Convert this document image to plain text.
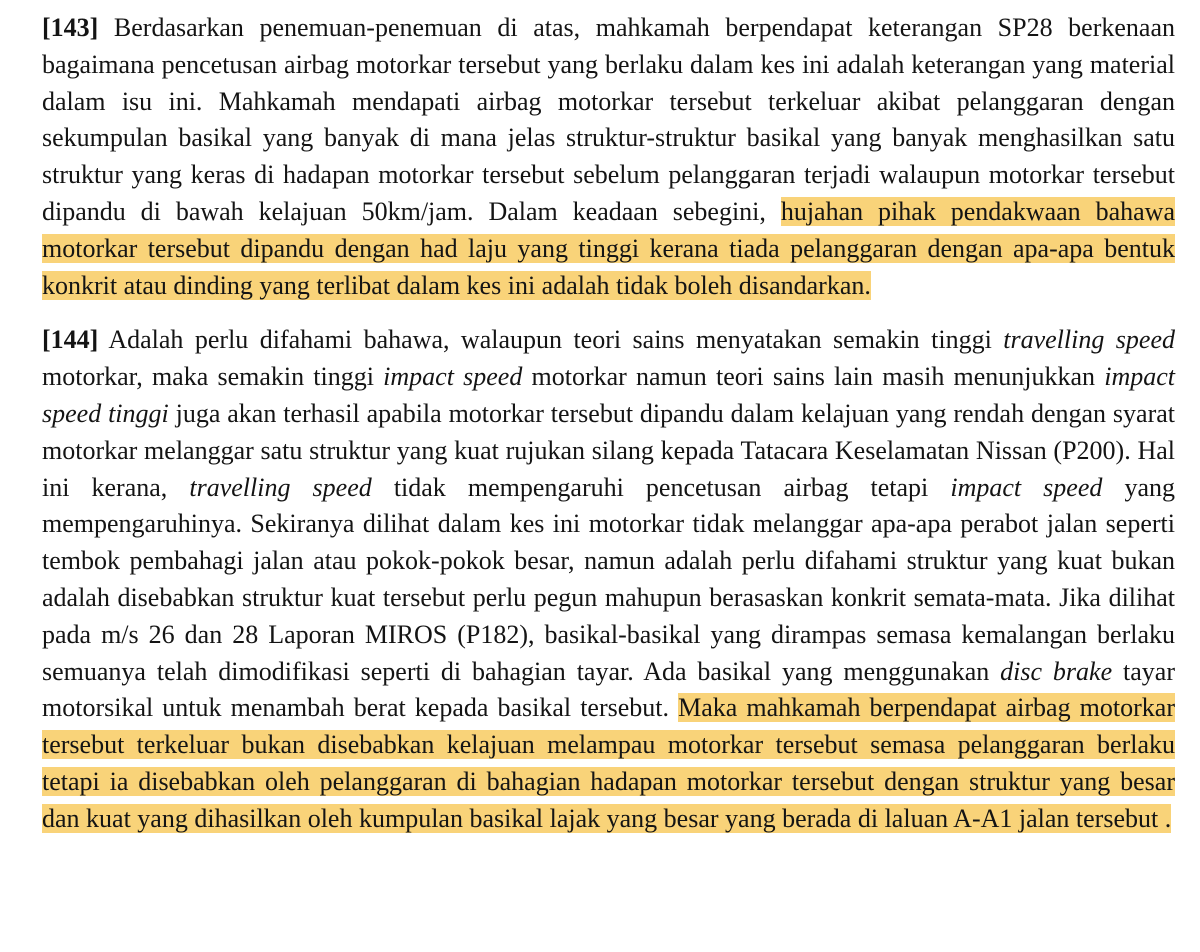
[143] Berdasarkan penemuan-penemuan di atas, mahkamah berpendapat keterangan SP28 berkenaan bagaimana pencetusan airbag motorkar tersebut yang berlaku dalam kes ini adalah keterangan yang material dalam isu ini. Mahkamah mendapati airbag motorkar tersebut terkeluar akibat pelanggaran dengan sekumpulan basikal yang banyak di mana jelas struktur-struktur basikal yang banyak menghasilkan satu struktur yang keras di hadapan motorkar tersebut sebelum pelanggaran terjadi walaupun motorkar tersebut dipandu di bawah kelajuan 50km/jam. Dalam keadaan sebegini, hujahan pihak pendakwaan bahawa motorkar tersebut dipandu dengan had laju yang tinggi kerana tiada pelanggaran dengan apa-apa bentuk konkrit atau dinding yang terlibat dalam kes ini adalah tidak boleh disandarkan.

[144] Adalah perlu difahami bahawa, walaupun teori sains menyatakan semakin tinggi travelling speed motorkar, maka semakin tinggi impact speed motorkar namun teori sains lain masih menunjukkan impact speed tinggi juga akan terhasil apabila motorkar tersebut dipandu dalam kelajuan yang rendah dengan syarat motorkar melanggar satu struktur yang kuat rujukan silang kepada Tatacara Keselamatan Nissan (P200). Hal ini kerana, travelling speed tidak mempengaruhi pencetusan airbag tetapi impact speed yang mempengaruhinya. Sekiranya dilihat dalam kes ini motorkar tidak melanggar apa-apa perabot jalan seperti tembok pembahagi jalan atau pokok-pokok besar, namun adalah perlu difahami struktur yang kuat bukan adalah disebabkan struktur kuat tersebut perlu pegun mahupun berasaskan konkrit semata-mata. Jika dilihat pada m/s 26 dan 28 Laporan MIROS (P182), basikal-basikal yang dirampas semasa kemalangan berlaku semuanya telah dimodifikasi seperti di bahagian tayar. Ada basikal yang menggunakan disc brake tayar motorsikal untuk menambah berat kepada basikal tersebut. Maka mahkamah berpendapat airbag motorkar tersebut terkeluar bukan disebabkan kelajuan melampau motorkar tersebut semasa pelanggaran berlaku tetapi ia disebabkan oleh pelanggaran di bahagian hadapan motorkar tersebut dengan struktur yang besar dan kuat yang dihasilkan oleh kumpulan basikal lajak yang besar yang berada di laluan A-A1 jalan tersebut .
